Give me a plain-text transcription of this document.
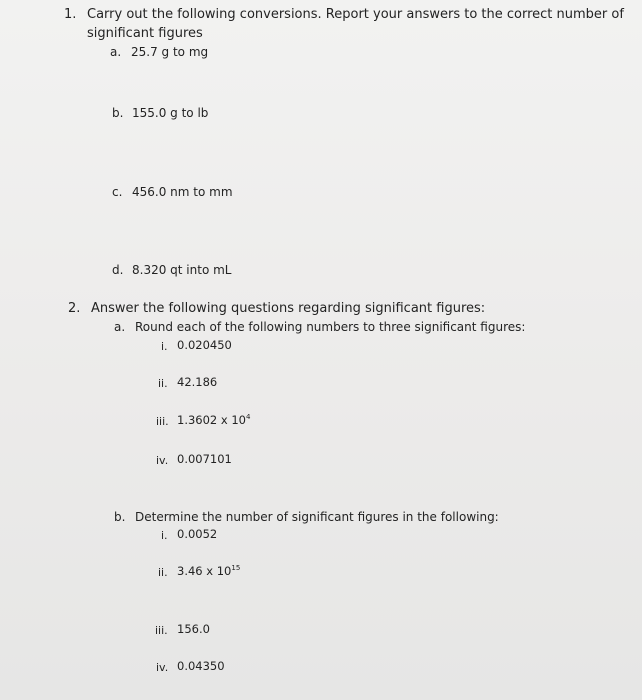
1. Carry out the following conversions. Report your answers to the correct number of
significant figures
a. 25.7 g to mg
b. 155.0 g to lb
c. 456.0 nm to mm
d. 8.320 qt into mL
2. Answer the following questions regarding significant figures:
a. Round each of the following numbers to three significant figures:
i. 0.020450
ii. 42.186
iii. 1.3602 x $10^4$
iv. 0.007101
b. Determine the number of significant figures in the following:
i. 0.0052
ii. 3.46 x $10^{15}$
iii. 156.0
iv. 0.04350
